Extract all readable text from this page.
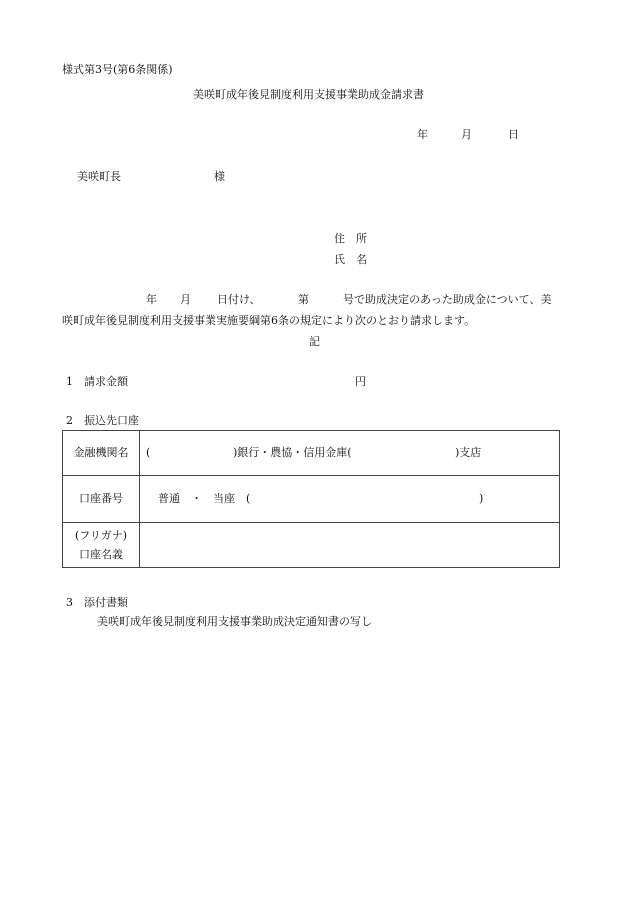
様式第3号(第6条関係)
美咲町成年後見制度利用支援事業助成金請求書
年	月	日
美咲町長	様
住　所
氏　名
年 月 日付け、	第	号で助成決定のあった助成金について、美
咲町成年後見制度利用支援事業実施要綱第6条の規定により次のとおり請求します。
記
1　請求金額	円
2　振込先口座
金融機関名	( )銀行・農協・信用金庫( )支店

口座番号	普通　・　当座　( )

(フリガナ)
口座名義	

3　添付書類
美咲町成年後見制度利用支援事業助成決定通知書の写し
